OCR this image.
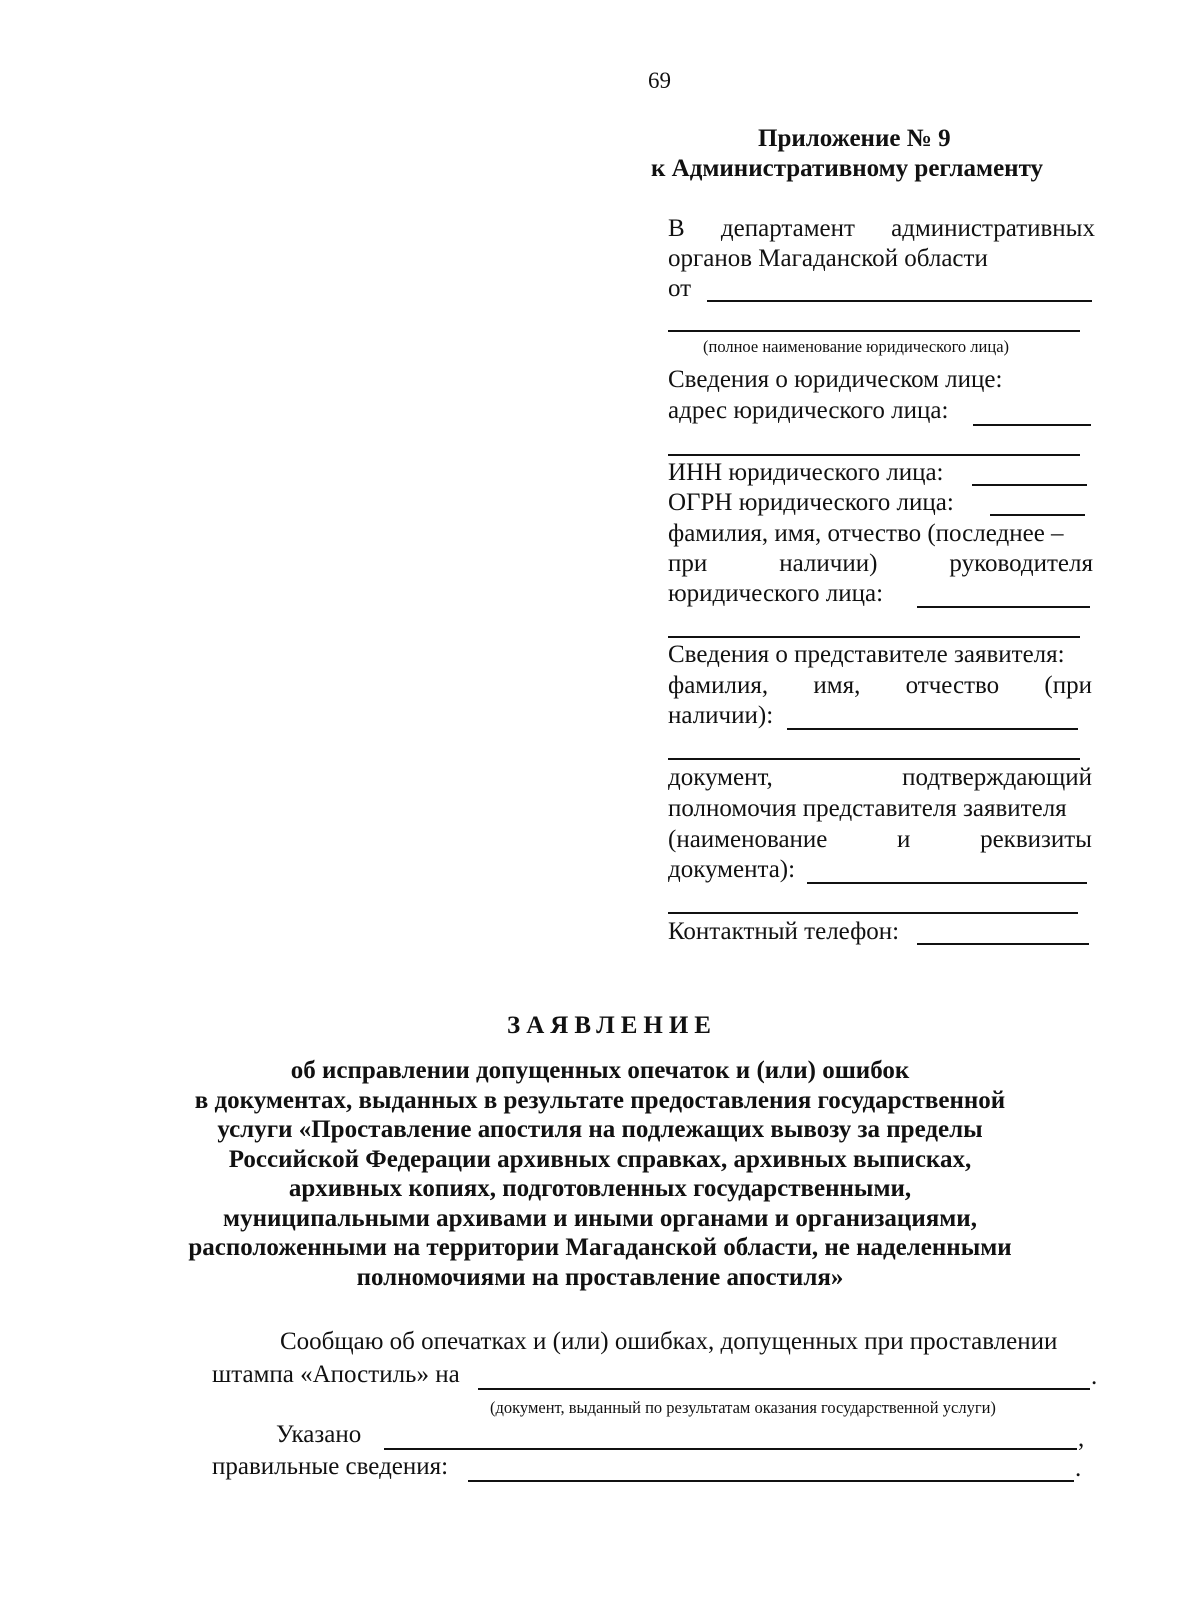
69
Приложение № 9
к Административному регламенту
В департамент административных
органов Магаданской области
от
(полное наименование юридического лица)
Сведения о юридическом лице:
адрес юридического лица:
ИНН юридического лица:
ОГРН юридического лица:
фамилия, имя, отчество (последнее –
при	наличии)	руководителя
юридического лица:
Сведения о представителе заявителя:
фамилия, имя, отчество (при
наличии):
документ,	подтверждающий
полномочия представителя заявителя
(наименование	и	реквизиты
документа):
Контактный телефон:
ЗАЯВЛЕНИЕ
об исправлении допущенных опечаток и (или) ошибок
в документах, выданных в результате предоставления государственной
услуги «Проставление апостиля на подлежащих вывозу за пределы
Российской Федерации архивных справках, архивных выписках,
архивных копиях, подготовленных государственными,
муниципальными архивами и иными органами и организациями,
расположенными на территории Магаданской области, не наделенными
полномочиями на проставление апостиля»
Сообщаю об опечатках и (или) ошибках, допущенных при проставлении
штампа «Апостиль» на	.
(документ, выданный по результатам оказания государственной услуги)
Указано	,
правильные сведения:	.
